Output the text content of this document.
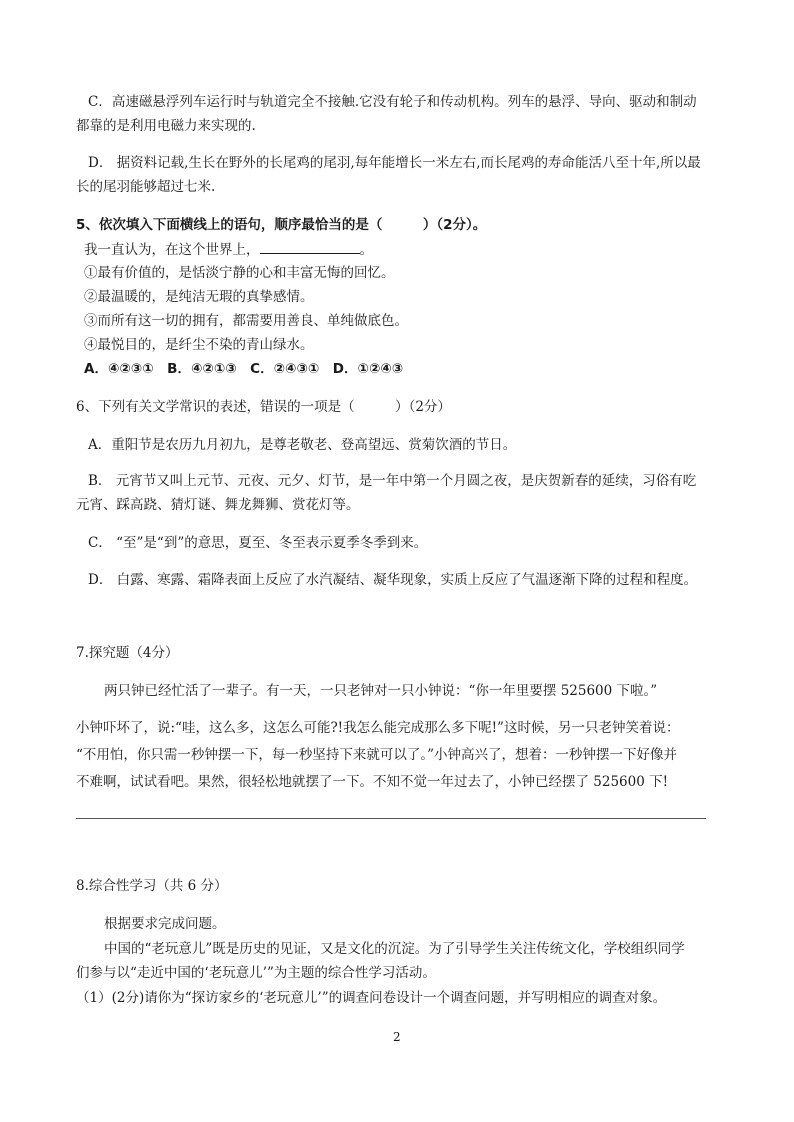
C．高速磁悬浮列车运行时与轨道完全不接触.它没有轮子和传动机构。列车的悬浮、导向、驱动和制动
都靠的是利用电磁力来实现的.
D． 据资料记载,生长在野外的长尾鸡的尾羽,每年能增长一米左右,而长尾鸡的寿命能活八至十年,所以最
长的尾羽能够超过七米.
5、依次填入下面横线上的语句，顺序最恰当的是（　　　）（2分）。
我一直认为，在这个世界上，	。
①最有价值的，是恬淡宁静的心和丰富无悔的回忆。
②最温暖的，是纯洁无瑕的真挚感情。
③而所有这一切的拥有，都需要用善良、单纯做底色。
④最悦目的，是纤尘不染的青山绿水。
A．④②③①　B．④②①③　C．②④③①　D．①②④③
6、下列有关文学常识的表述，错误的一项是（　　　）（2分）
A．重阳节是农历九月初九，是尊老敬老、登高望远、赏菊饮酒的节日。
B． 元宵节又叫上元节、元夜、元夕、灯节，是一年中第一个月圆之夜，是庆贺新春的延续，习俗有吃
元宵、踩高跷、猜灯谜、舞龙舞狮、赏花灯等。
C． “至”是“到”的意思，夏至、冬至表示夏季冬季到来。
D． 白露、寒露、霜降表面上反应了水汽凝结、凝华现象，实质上反应了气温逐渐下降的过程和程度。
7.探究题（4分）
两只钟已经忙活了一辈子。有一天，一只老钟对一只小钟说：“你一年里要摆 525600 下啦。”
小钟吓坏了，说:“哇，这么多，这怎么可能?!我怎么能完成那么多下呢!”这时候，另一只老钟笑着说：
“不用怕，你只需一秒钟摆一下，每一秒坚持下来就可以了。”小钟高兴了，想着：一秒钟摆一下好像并
不难啊，试试看吧。果然，很轻松地就摆了一下。不知不觉一年过去了，小钟已经摆了 525600 下!
8.综合性学习（共 6 分）
根据要求完成问题。
中国的“老玩意儿”既是历史的见证，又是文化的沉淀。为了引导学生关注传统文化，学校组织同学
们参与以“走近中国的‘老玩意儿’”为主题的综合性学习活动。
（1）(2分)请你为“探访家乡的‘老玩意儿’”的调查问卷设计一个调查问题，并写明相应的调查对象。
2
